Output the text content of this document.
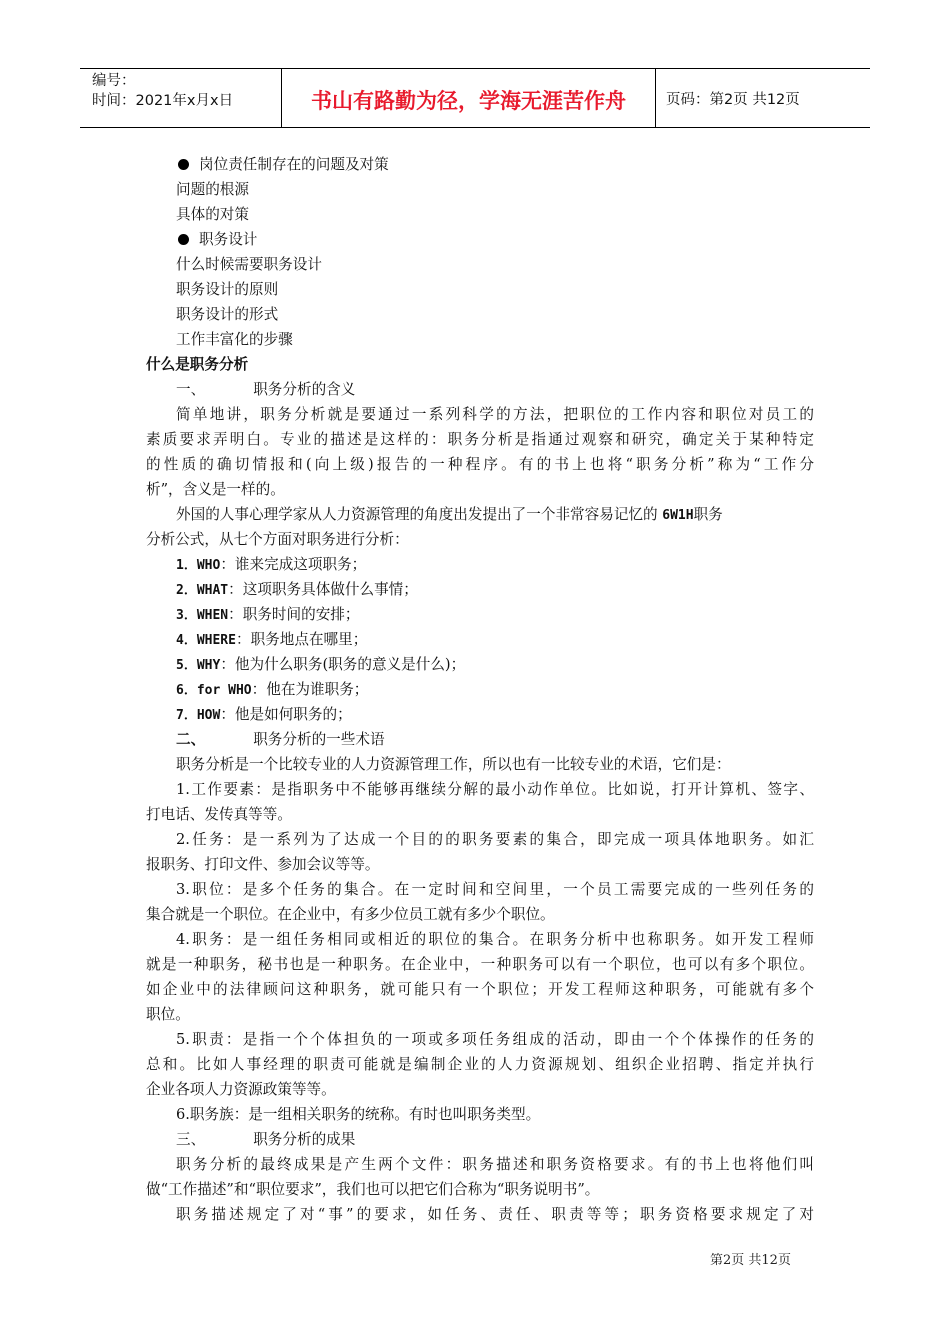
编号：
时间：2021年x月x日	书山有路勤为径，学海无涯苦作舟	页码：第2页 共12页
岗位责任制存在的问题及对策
问题的根源
具体的对策
职务设计
什么时候需要职务设计
职务设计的原则
职务设计的形式
工作丰富化的步骤
什么是职务分析
一、	职务分析的含义
简单地讲，职务分析就是要通过一系列科学的方法，把职位的工作内容和职位对员工的
素质要求弄明白。专业的描述是这样的：职务分析是指通过观察和研究，确定关于某种特定
的性质的确切情报和(向上级)报告的一种程序。有的书上也将“职务分析”称为“工作分
析”，含义是一样的。
外国的人事心理学家从人力资源管理的角度出发提出了一个非常容易记忆的 6W1H职务
分析公式，从七个方面对职务进行分析：
1．WHO：谁来完成这项职务；
2．WHAT：这项职务具体做什么事情；
3．WHEN：职务时间的安排；
4．WHERE：职务地点在哪里；
5．WHY：他为什么职务(职务的意义是什么)；
6．for WHO：他在为谁职务；
7．HOW：他是如何职务的；
二、	职务分析的一些术语
职务分析是一个比较专业的人力资源管理工作，所以也有一比较专业的术语，它们是：
1.工作要素：是指职务中不能够再继续分解的最小动作单位。比如说，打开计算机、签字、
打电话、发传真等等。
2.任务：是一系列为了达成一个目的的职务要素的集合，即完成一项具体地职务。如汇
报职务、打印文件、参加会议等等。
3.职位：是多个任务的集合。在一定时间和空间里，一个员工需要完成的一些列任务的
集合就是一个职位。在企业中，有多少位员工就有多少个职位。
4.职务：是一组任务相同或相近的职位的集合。在职务分析中也称职务。如开发工程师
就是一种职务，秘书也是一种职务。在企业中，一种职务可以有一个职位，也可以有多个职位。
如企业中的法律顾问这种职务，就可能只有一个职位；开发工程师这种职务，可能就有多个
职位。
5.职责：是指一个个体担负的一项或多项任务组成的活动，即由一个个体操作的任务的
总和。比如人事经理的职责可能就是编制企业的人力资源规划、组织企业招聘、指定并执行
企业各项人力资源政策等等。
6.职务族：是一组相关职务的统称。有时也叫职务类型。
三、	职务分析的成果
职务分析的最终成果是产生两个文件：职务描述和职务资格要求。有的书上也将他们叫
做“工作描述”和“职位要求”，我们也可以把它们合称为“职务说明书”。
职务描述规定了对“事”的要求，如任务、责任、职责等等；职务资格要求规定了对
第2页 共12页
